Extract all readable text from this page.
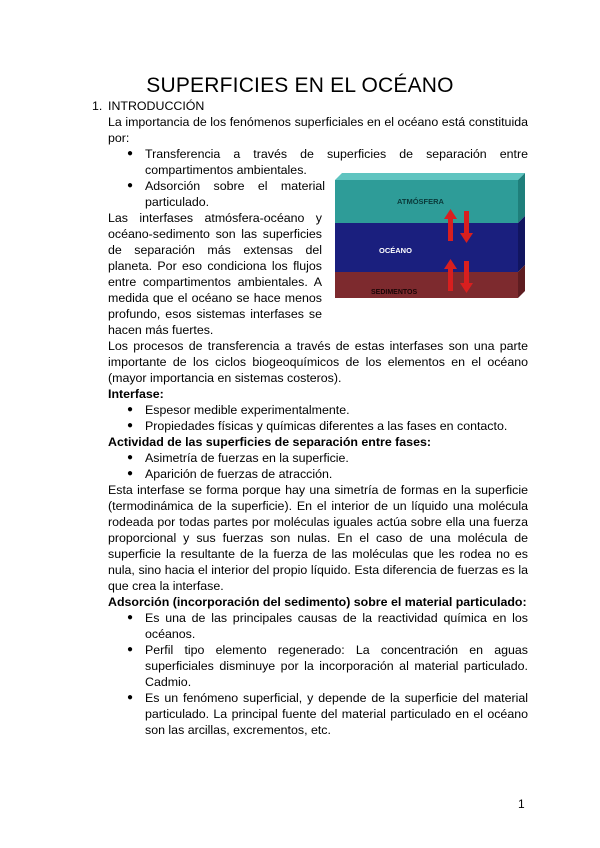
SUPERFICIES EN EL OCÉANO
1. INTRODUCCIÓN
La importancia de los fenómenos superficiales en el océano está constituida por:
● Transferencia a través de superficies de separación entre compartimentos ambientales.
● Adsorción sobre el material particulado.
Las interfases atmósfera-océano y
océano-sedimento son las superficies
de separación más extensas del
planeta. Por eso condiciona los flujos
entre compartimentos ambientales. A
medida que el océano se hace menos
profundo, esos sistemas interfases se
hacen más fuertes.
ATMÓSFERA
OCÉANO
SEDIMENTOS
Los procesos de transferencia a través de estas interfases son una parte importante de los ciclos biogeoquímicos de los elementos en el océano (mayor importancia en sistemas costeros).
Interfase:
● Espesor medible experimentalmente.
● Propiedades físicas y químicas diferentes a las fases en contacto.
Actividad de las superficies de separación entre fases:
● Asimetría de fuerzas en la superficie.
● Aparición de fuerzas de atracción.
Esta interfase se forma porque hay una simetría de formas en la superficie (termodinámica de la superficie). En el interior de un líquido una molécula rodeada por todas partes por moléculas iguales actúa sobre ella una fuerza proporcional y sus fuerzas son nulas. En el caso de una molécula de superficie la resultante de la fuerza de las moléculas que les rodea no es nula, sino hacia el interior del propio líquido. Esta diferencia de fuerzas es la que crea la interfase.
Adsorción (incorporación del sedimento) sobre el material particulado:
● Es una de las principales causas de la reactividad química en los océanos.
● Perfil tipo elemento regenerado: La concentración en aguas superficiales disminuye por la incorporación al material particulado. Cadmio.
● Es un fenómeno superficial, y depende de la superficie del material particulado. La principal fuente del material particulado en el océano son las arcillas, excrementos, etc.
1
